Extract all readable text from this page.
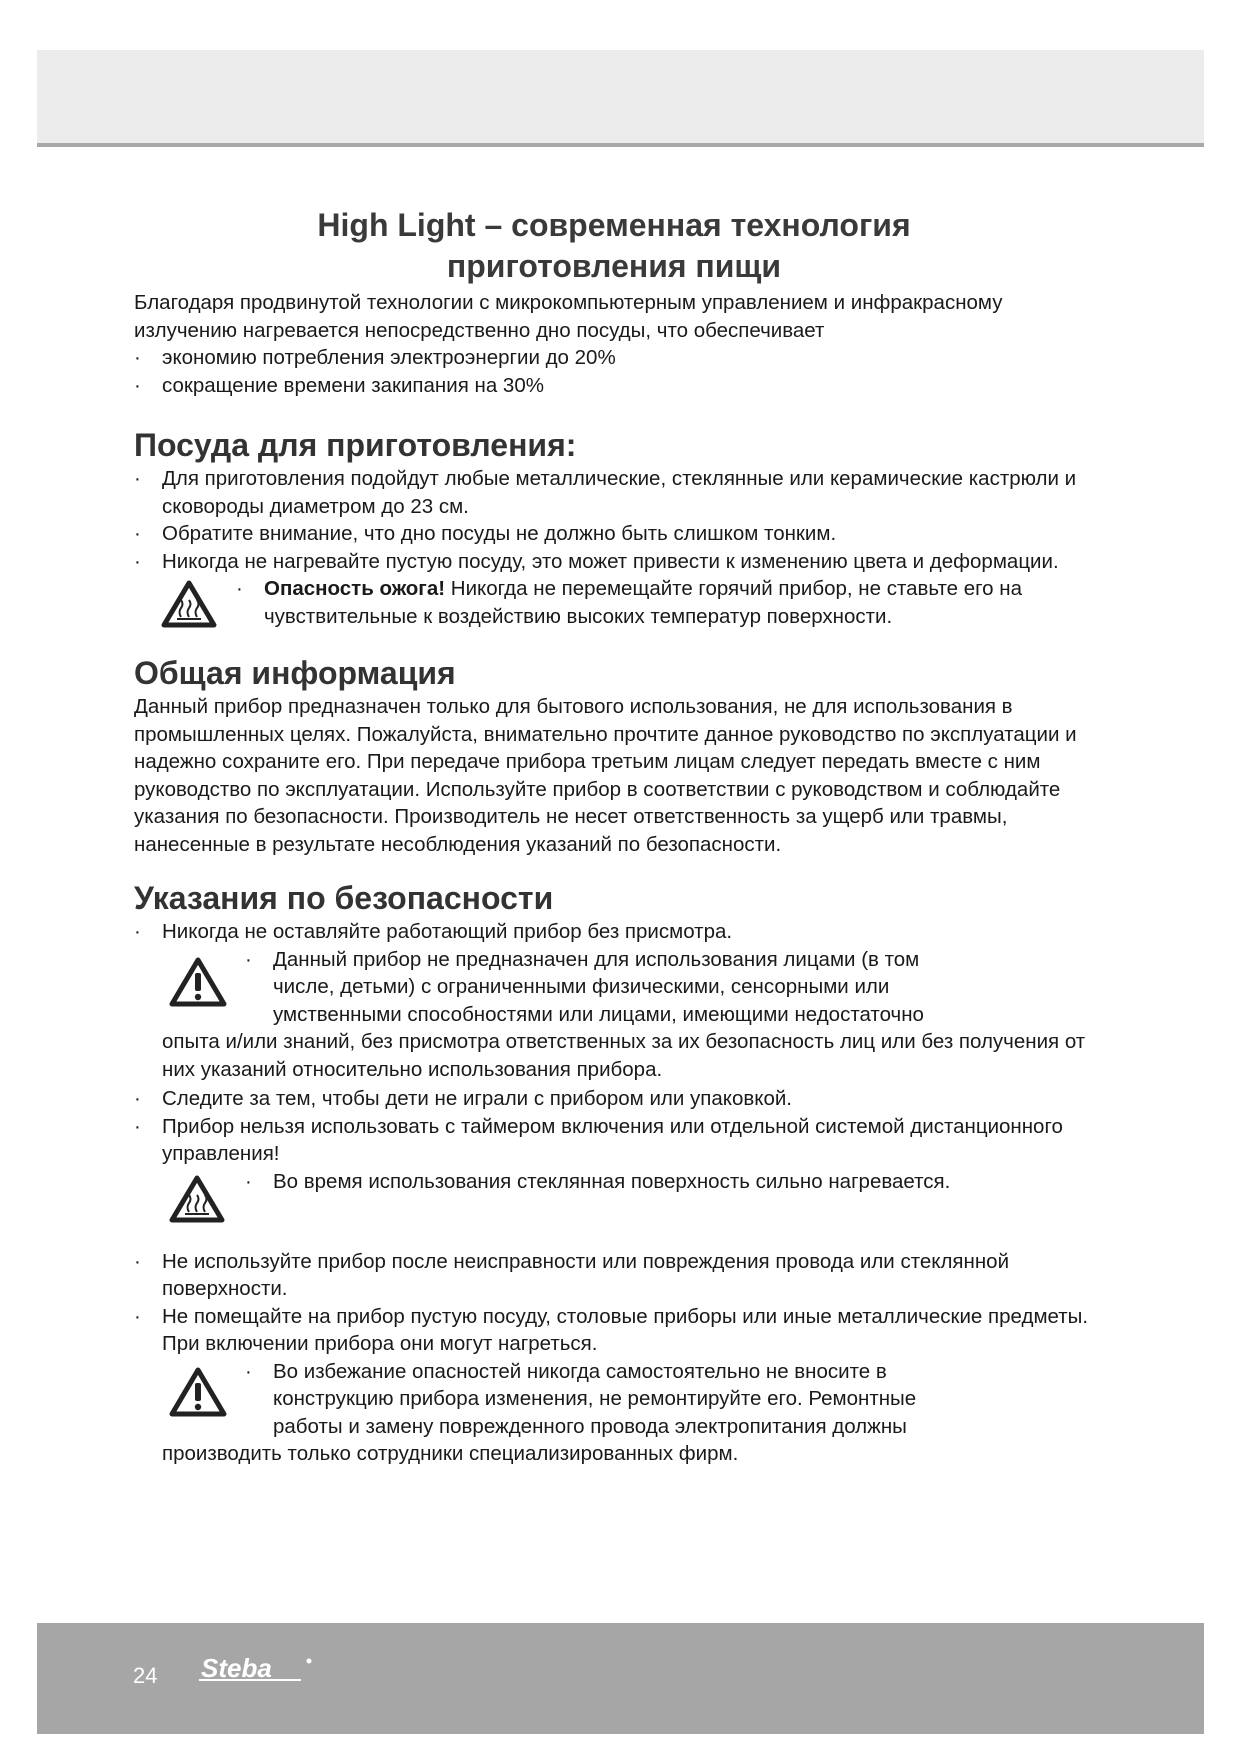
High Light – современная технология
приготовления пищи

Благодаря продвинутой технологии с микрокомпьютерным управлением и инфракрасному излучению нагревается непосредственно дно посуды, что обеспечивает

· экономию потребления электроэнергии до 20%
· сокращение времени закипания на 30%
Посуда для приготовления:
· Для приготовления подойдут любые металлические, стеклянные или керамические кастрюли и сковороды диаметром до 23 см.
· Обратите внимание, что дно посуды не должно быть слишком тонким.
· Никогда не нагревайте пустую посуду, это может привести к изменению цвета и деформации.
· Опасность ожога! Никогда не перемещайте горячий прибор, не ставьте его на чувствительные к воздействию высоких температур поверхности.
Общая информация

Данный прибор предназначен только для бытового использования, не для использования в промышленных целях. Пожалуйста, внимательно прочтите данное руководство по эксплуатации и надежно сохраните его. При передаче прибора третьим лицам следует передать вместе с ним руководство по эксплуатации. Используйте прибор в соответствии с руководством и соблюдайте указания по безопасности. Производитель не несет ответственность за ущерб или травмы, нанесенные в результате несоблюдения указаний по безопасности.

Указания по безопасности
· Никогда не оставляйте работающий прибор без присмотра.
· Данный прибор не предназначен для использования лицами (в том
числе, детьми) с ограниченными физическими, сенсорными или
умственными способностями или лицами, имеющими недостаточно

опыта и/или знаний, без присмотра ответственных за их безопасность лиц или без получения от них указаний относительно использования прибора.

· Следите за тем, чтобы дети не играли с прибором или упаковкой.
· Прибор нельзя использовать с таймером включения или отдельной системой дистанционного управления!
· Во время использования стеклянная поверхность сильно нагревается.
· Не используйте прибор после неисправности или повреждения провода или стеклянной поверхности.
· Не помещайте на прибор пустую посуду, столовые приборы или иные металлические предметы. При включении прибора они могут нагреться.
· Во избежание опасностей никогда самостоятельно не вносите в
конструкцию прибора изменения, не ремонтируйте его. Ремонтные
работы и замену поврежденного провода электропитания должны

производить только сотрудники специализированных фирм.

24 Steba
